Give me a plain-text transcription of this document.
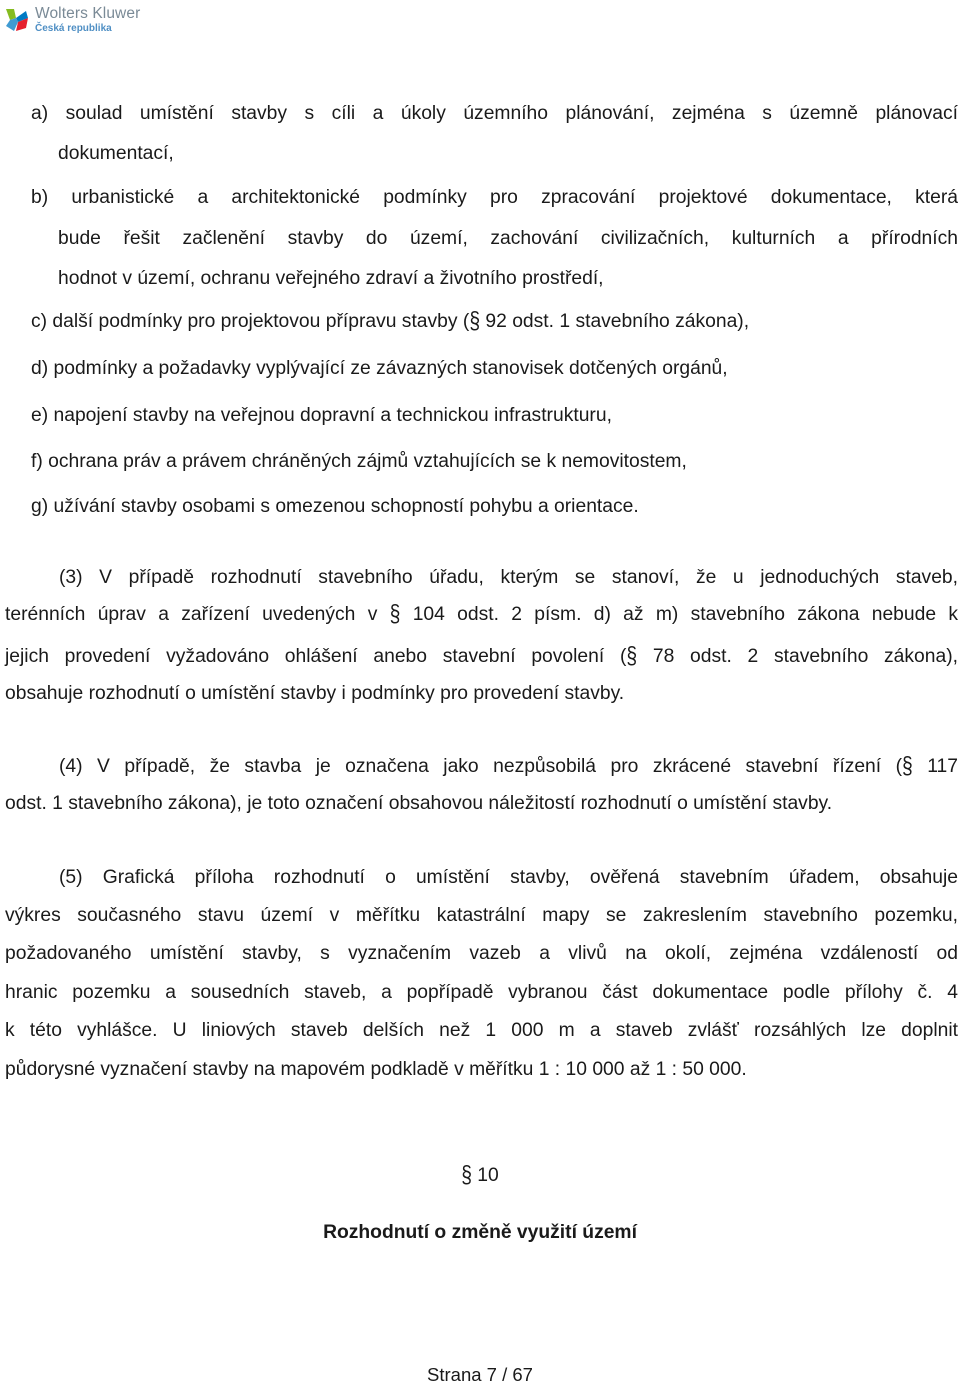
Wolters Kluwer
Česká republika
a) soulad umístění stavby s cíli a úkoly územního plánování, zejména s územně plánovací
dokumentací,
b) urbanistické a architektonické podmínky pro zpracování projektové dokumentace, která
bude řešit začlenění stavby do území, zachování civilizačních, kulturních a přírodních
hodnot v území, ochranu veřejného zdraví a životního prostředí,
c) další podmínky pro projektovou přípravu stavby (§ 92 odst. 1 stavebního zákona),
d) podmínky a požadavky vyplývající ze závazných stanovisek dotčených orgánů,
e) napojení stavby na veřejnou dopravní a technickou infrastrukturu,
f) ochrana práv a právem chráněných zájmů vztahujících se k nemovitostem,
g) užívání stavby osobami s omezenou schopností pohybu a orientace.
(3) V případě rozhodnutí stavebního úřadu, kterým se stanoví, že u jednoduchých staveb,
terénních úprav a zařízení uvedených v § 104 odst. 2 písm. d) až m) stavebního zákona nebude k
jejich provedení vyžadováno ohlášení anebo stavební povolení (§ 78 odst. 2 stavebního zákona),
obsahuje rozhodnutí o umístění stavby i podmínky pro provedení stavby.
(4) V případě, že stavba je označena jako nezpůsobilá pro zkrácené stavební řízení (§ 117
odst. 1 stavebního zákona), je toto označení obsahovou náležitostí rozhodnutí o umístění stavby.
(5) Grafická příloha rozhodnutí o umístění stavby, ověřená stavebním úřadem, obsahuje
výkres současného stavu území v měřítku katastrální mapy se zakreslením stavebního pozemku,
požadovaného umístění stavby, s vyznačením vazeb a vlivů na okolí, zejména vzdáleností od
hranic pozemku a sousedních staveb, a popřípadě vybranou část dokumentace podle přílohy č. 4
k této vyhlášce. U liniových staveb delších než 1 000 m a staveb zvlášť rozsáhlých lze doplnit
půdorysné vyznačení stavby na mapovém podkladě v měřítku 1 : 10 000 až 1 : 50 000.
§ 10
Rozhodnutí o změně využití území
Strana 7 / 67
